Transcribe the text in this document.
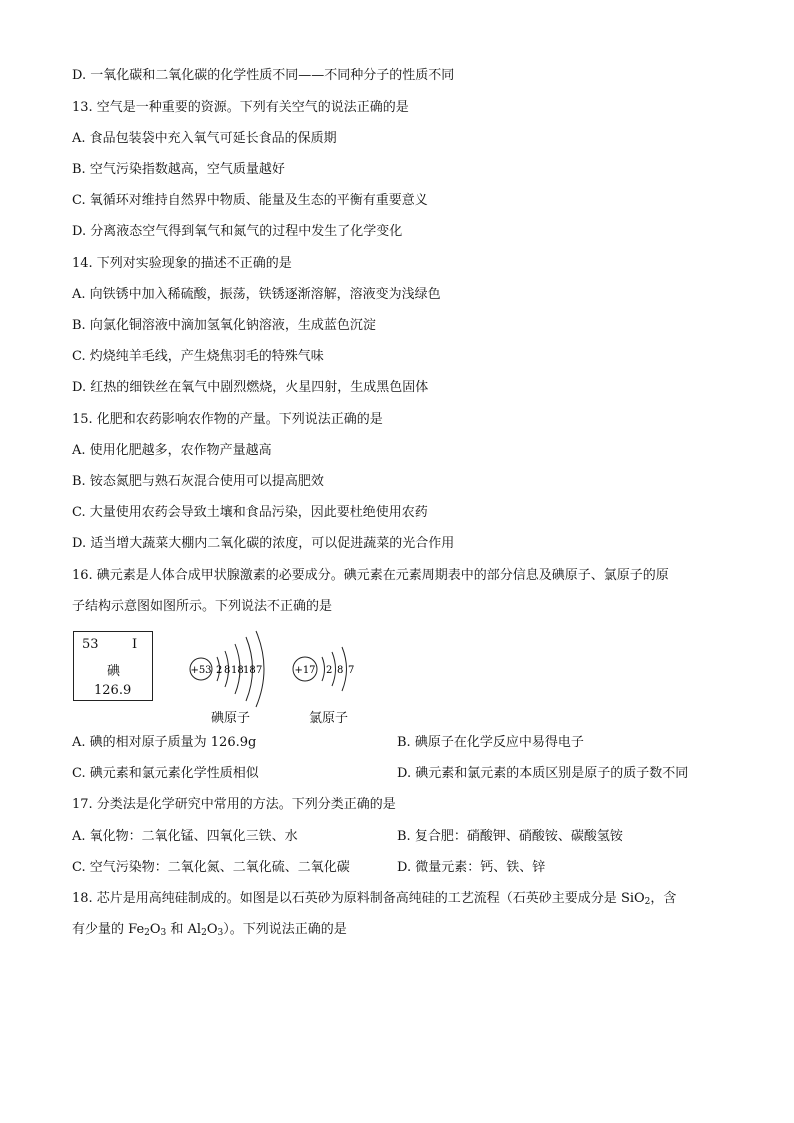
D. 一氧化碳和二氧化碳的化学性质不同——不同种分子的性质不同
13. 空气是一种重要的资源。下列有关空气的说法正确的是
A. 食品包装袋中充入氧气可延长食品的保质期
B. 空气污染指数越高，空气质量越好
C. 氧循环对维持自然界中物质、能量及生态的平衡有重要意义
D. 分离液态空气得到氧气和氮气的过程中发生了化学变化
14. 下列对实验现象的描述不正确的是
A. 向铁锈中加入稀硫酸，振荡，铁锈逐渐溶解，溶液变为浅绿色
B. 向氯化铜溶液中滴加氢氧化钠溶液，生成蓝色沉淀
C. 灼烧纯羊毛线，产生烧焦羽毛的特殊气味
D. 红热的细铁丝在氧气中剧烈燃烧，火星四射，生成黑色固体
15. 化肥和农药影响农作物的产量。下列说法正确的是
A. 使用化肥越多，农作物产量越高
B. 铵态氮肥与熟石灰混合使用可以提高肥效
C. 大量使用农药会导致土壤和食品污染，因此要杜绝使用农药
D. 适当增大蔬菜大棚内二氧化碳的浓度，可以促进蔬菜的光合作用
16. 碘元素是人体合成甲状腺激素的必要成分。碘元素在元素周期表中的部分信息及碘原子、氯原子的原
子结构示意图如图所示。下列说法不正确的是
53	I
碘
126.9
+53 2 8 18 18 7
碘原子
+17 2 8 7
氯原子
A. 碘的相对原子质量为 126.9g	B. 碘原子在化学反应中易得电子
C. 碘元素和氯元素化学性质相似	D. 碘元素和氯元素的本质区别是原子的质子数不同
17. 分类法是化学研究中常用的方法。下列分类正确的是
A. 氧化物：二氧化锰、四氧化三铁、水	B. 复合肥：硝酸钾、硝酸铵、碳酸氢铵
C. 空气污染物：二氧化氮、二氧化硫、二氧化碳	D. 微量元素：钙、铁、锌
18. 芯片是用高纯硅制成的。如图是以石英砂为原料制备高纯硅的工艺流程（石英砂主要成分是 SiO$_2$，含
有少量的 $Fe_2O_3$ 和 $Al_2O_3$）。下列说法正确的是
